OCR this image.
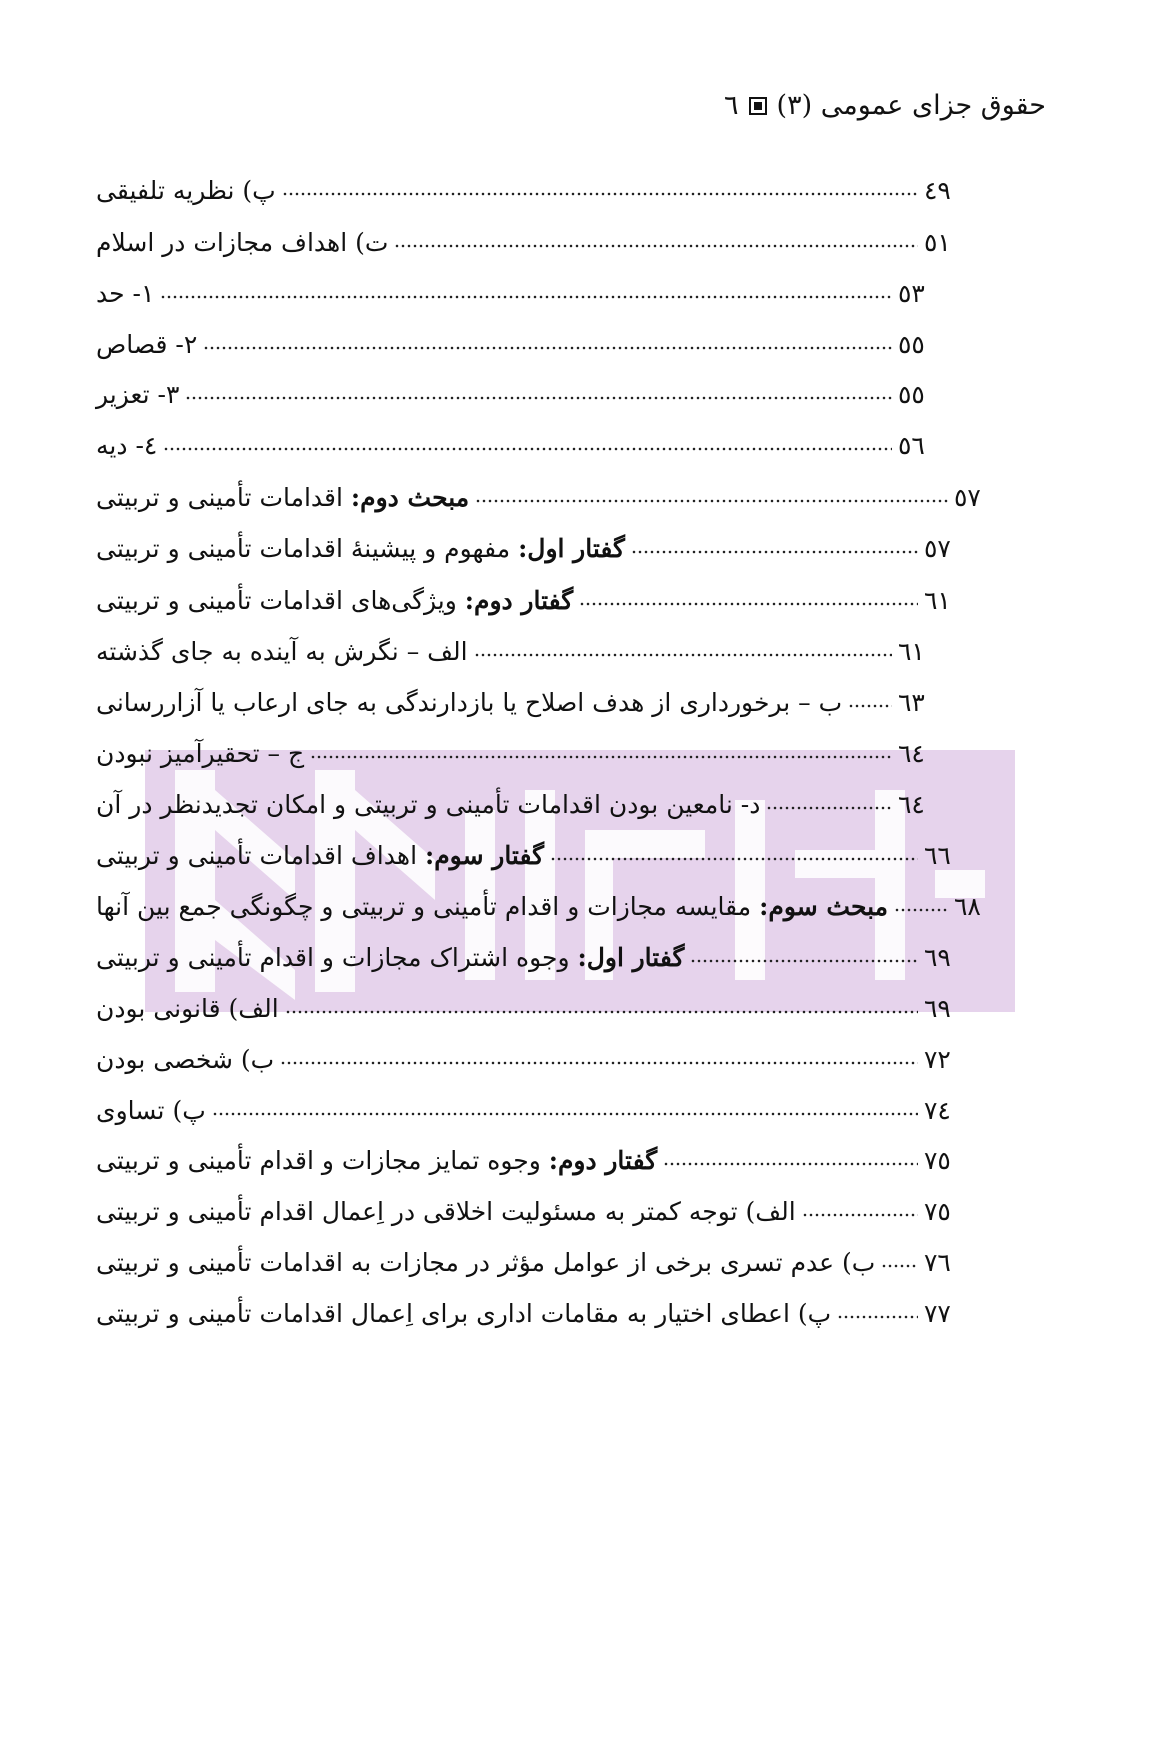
٦ حقوق جزای عمومی (٣)
پ) نظریه تلفیقی	٤٩
ت) اهداف مجازات در اسلام	٥١
١- حد	٥٣
٢- قصاص	٥٥
٣- تعزیر	٥٥
٤- دیه	٥٦
مبحث دوم: اقدامات تأمینی و تربیتی	٥٧
گفتار اول: مفهوم و پیشینهٔ اقدامات تأمینی و تربیتی	٥٧
گفتار دوم: ویژگی‌های اقدامات تأمینی و تربیتی	٦١
الف – نگرش به آینده به جای گذشته	٦١
ب – برخورداری از هدف اصلاح یا بازدارندگی به جای ارعاب یا آزاررسانی ٦٣
ج – تحقیرآمیز نبودن	٦٤
د- نامعین بودن اقدامات تأمینی و تربیتی و امکان تجدیدنظر در آن	٦٤
گفتار سوم: اهداف اقدامات تأمینی و تربیتی	٦٦
مبحث سوم: مقایسه مجازات و اقدام تأمینی و تربیتی و چگونگی جمع بین آنها	٦٨
گفتار اول: وجوه اشتراک مجازات و اقدام تأمینی و تربیتی	٦٩
الف) قانونی بودن	٦٩
ب) شخصی بودن	٧٢
پ) تساوی	٧٤
گفتار دوم: وجوه تمایز مجازات و اقدام تأمینی و تربیتی	٧٥
الف) توجه کمتر به مسئولیت اخلاقی در اِعمال اقدام تأمینی و تربیتی	٧٥
ب) عدم تسری برخی از عوامل مؤثر در مجازات به اقدامات تأمینی و تربیتی ٧٦
پ) اعطای اختیار به مقامات اداری برای اِعمال اقدامات تأمینی و تربیتی	٧٧
